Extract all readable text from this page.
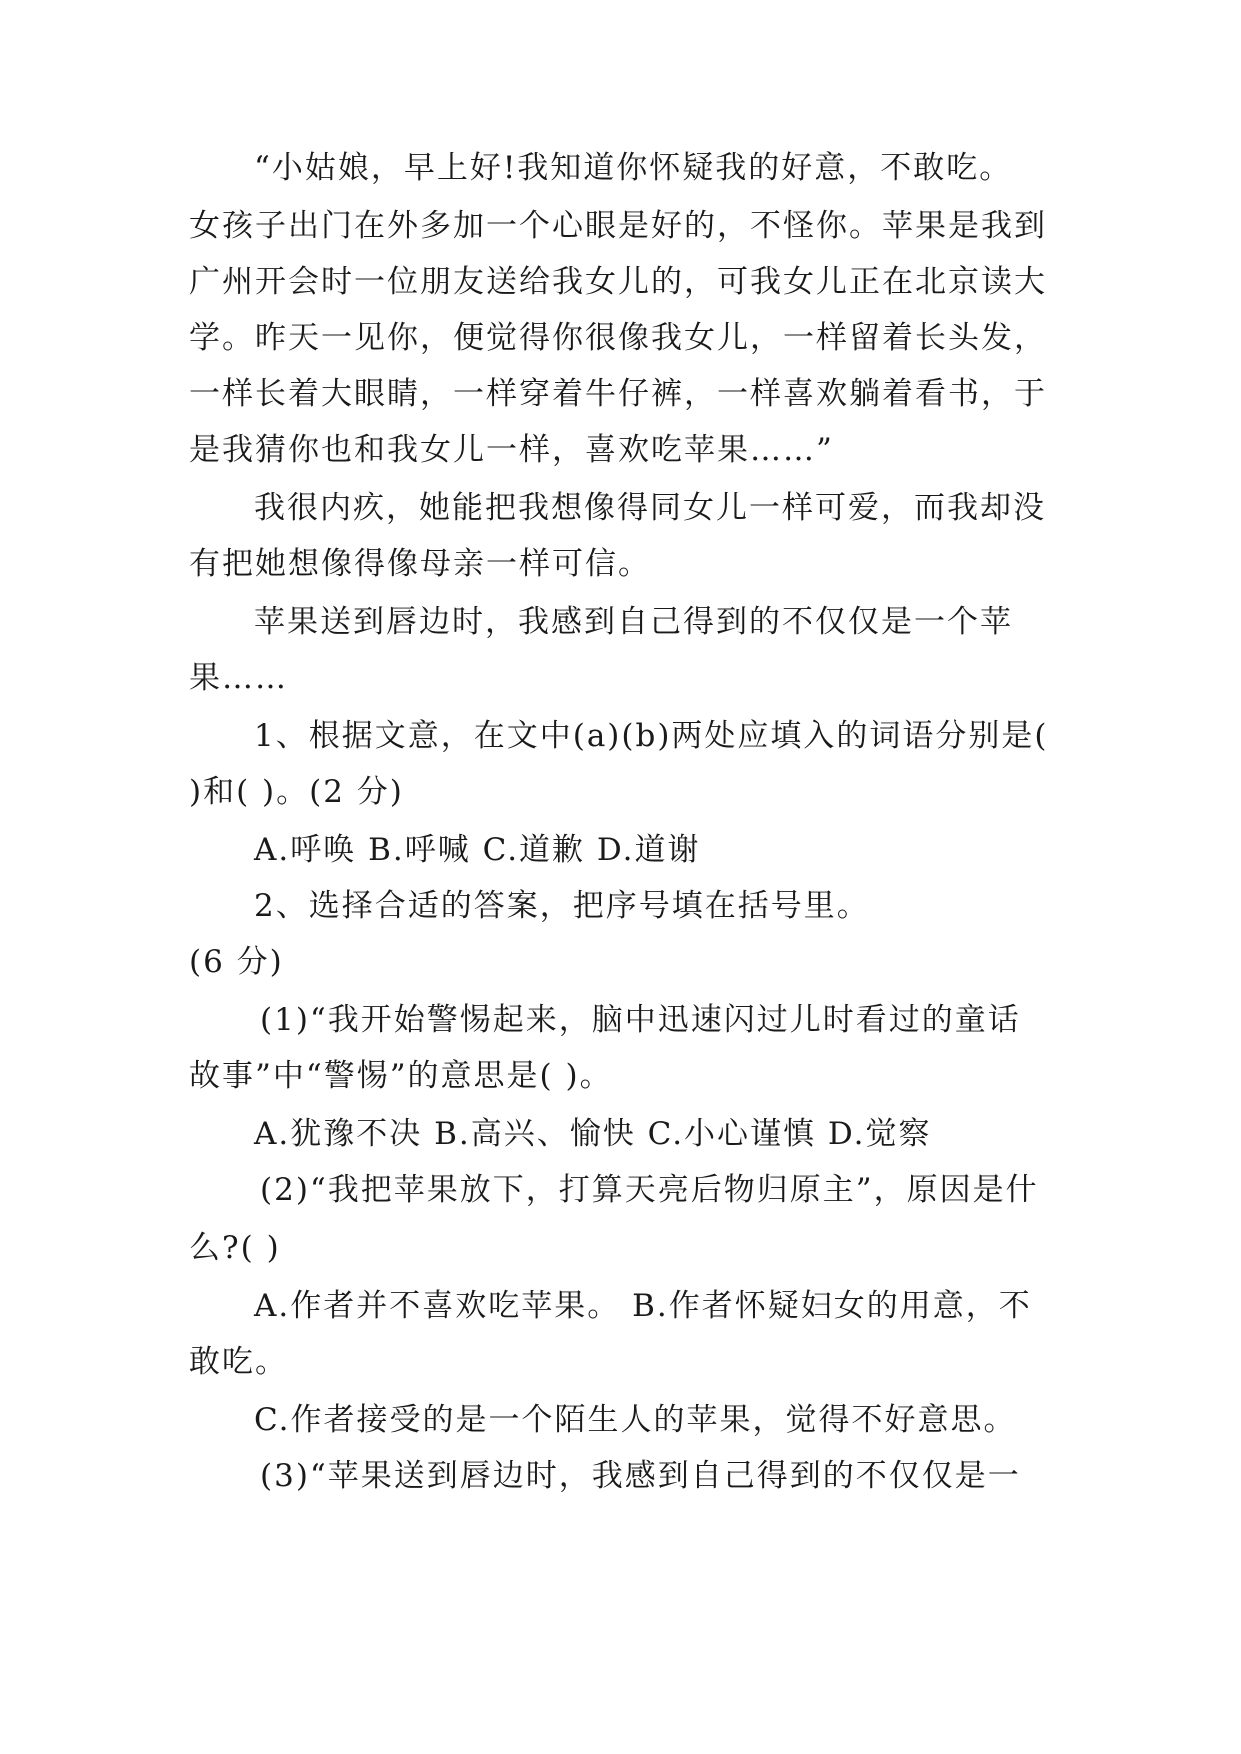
“小姑娘，早上好!我知道你怀疑我的好意，不敢吃。
女孩子出门在外多加一个心眼是好的，不怪你。苹果是我到
广州开会时一位朋友送给我女儿的，可我女儿正在北京读大
学。昨天一见你，便觉得你很像我女儿，一样留着长头发，
一样长着大眼睛，一样穿着牛仔裤，一样喜欢躺着看书，于
是我猜你也和我女儿一样，喜欢吃苹果……”
我很内疚，她能把我想像得同女儿一样可爱，而我却没
有把她想像得像母亲一样可信。
苹果送到唇边时，我感到自己得到的不仅仅是一个苹
果……
1、根据文意，在文中(a)(b)两处应填入的词语分别是(
)和( )。(2 分)
A.呼唤 B.呼喊 C.道歉 D.道谢
2、选择合适的答案，把序号填在括号里。
(6 分)
(1)“我开始警惕起来，脑中迅速闪过儿时看过的童话
故事”中“警惕”的意思是( )。
A.犹豫不决 B.高兴、愉快 C.小心谨慎 D.觉察
(2)“我把苹果放下，打算天亮后物归原主”，原因是什
么?( )
A.作者并不喜欢吃苹果。 B.作者怀疑妇女的用意，不
敢吃。
C.作者接受的是一个陌生人的苹果，觉得不好意思。
(3)“苹果送到唇边时，我感到自己得到的不仅仅是一
